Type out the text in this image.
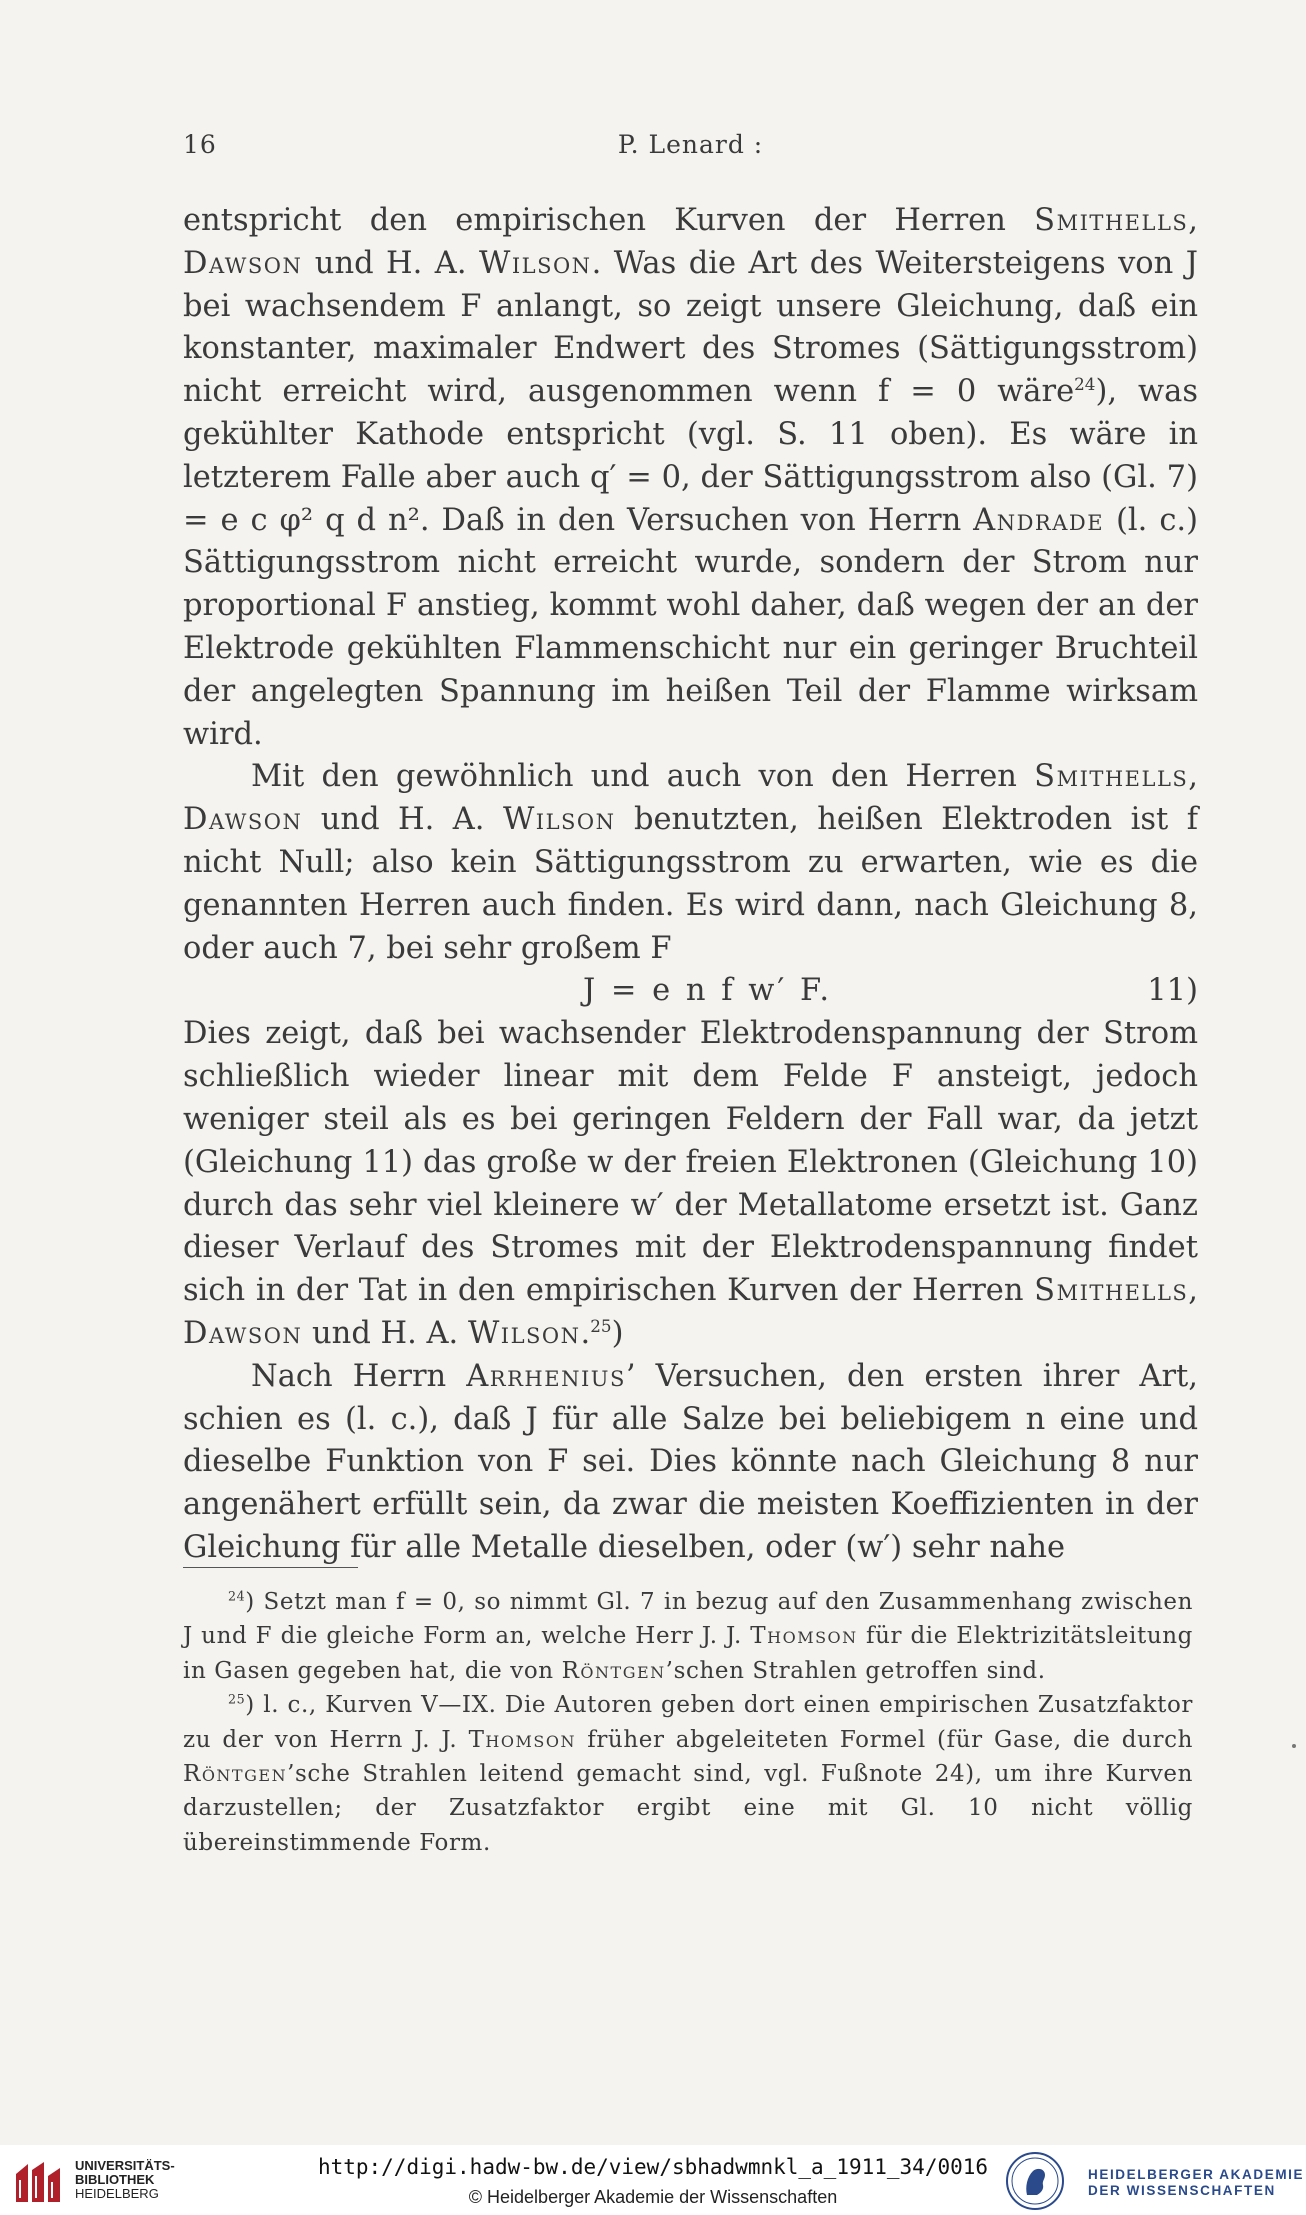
16	P. Lenard :

entspricht den empirischen Kurven der Herren Smithells, Dawson und H. A. Wilson. Was die Art des Weitersteigens von J bei wachsendem F anlangt, so zeigt unsere Gleichung, daß ein konstanter, maximaler Endwert des Stromes (Sättigungsstrom) nicht erreicht wird, ausgenommen wenn f = 0 wäre$^{24}$), was gekühlter Kathode entspricht (vgl. S. 11 oben). Es wäre in letzterem Falle aber auch q′ = 0, der Sättigungsstrom also (Gl. 7) = e c φ² q d n². Daß in den Versuchen von Herrn Andrade (l. c.) Sättigungsstrom nicht erreicht wurde, sondern der Strom nur proportional F anstieg, kommt wohl daher, daß wegen der an der Elektrode gekühlten Flammenschicht nur ein geringer Bruchteil der angelegten Spannung im heißen Teil der Flamme wirksam wird.

Mit den gewöhnlich und auch von den Herren Smithells, Dawson und H. A. Wilson benutzten, heißen Elektroden ist f nicht Null; also kein Sättigungsstrom zu erwarten, wie es die genannten Herren auch finden. Es wird dann, nach Gleichung 8, oder auch 7, bei sehr großem F

J = e n f w′ F.	11)

Dies zeigt, daß bei wachsender Elektrodenspannung der Strom schließlich wieder linear mit dem Felde F ansteigt, jedoch weniger steil als es bei geringen Feldern der Fall war, da jetzt (Gleichung 11) das große w der freien Elektronen (Gleichung 10) durch das sehr viel kleinere w′ der Metallatome ersetzt ist. Ganz dieser Verlauf des Stromes mit der Elektrodenspannung findet sich in der Tat in den empirischen Kurven der Herren Smithells, Dawson und H. A. Wilson.$^{25}$)

Nach Herrn Arrhenius’ Versuchen, den ersten ihrer Art, schien es (l. c.), daß J für alle Salze bei beliebigem n eine und dieselbe Funktion von F sei. Dies könnte nach Gleichung 8 nur angenähert erfüllt sein, da zwar die meisten Koeffizienten in der Gleichung für alle Metalle dieselben, oder (w′) sehr nahe

$^{24}$) Setzt man f = 0, so nimmt Gl. 7 in bezug auf den Zusammenhang zwischen J und F die gleiche Form an, welche Herr J. J. Thomson für die Elektrizitätsleitung in Gasen gegeben hat, die von Röntgen’schen Strahlen getroffen sind.

$^{25}$) l. c., Kurven V—IX. Die Autoren geben dort einen empirischen Zusatzfaktor zu der von Herrn J. J. Thomson früher abgeleiteten Formel (für Gase, die durch Röntgen’sche Strahlen leitend gemacht sind, vgl. Fußnote 24), um ihre Kurven darzustellen; der Zusatzfaktor ergibt eine mit Gl. 10 nicht völlig übereinstimmende Form.

UNIVERSITÄTS-
BIBLIOTHEK
HEIDELBERG
http://digi.hadw-bw.de/view/sbhadwmnkl_a_1911_34/0016
© Heidelberger Akademie der Wissenschaften
HEIDELBERGER AKADEMIE
DER WISSENSCHAFTEN
